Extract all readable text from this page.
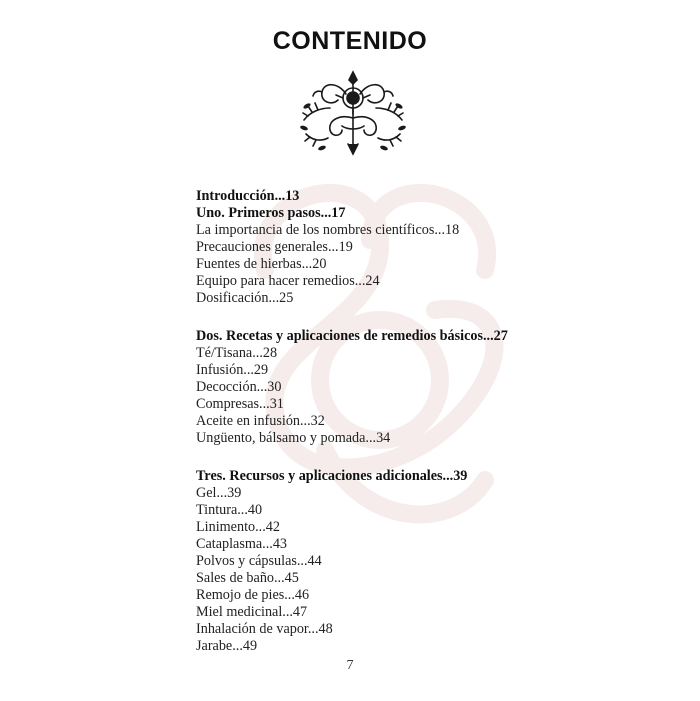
CONTENIDO
Introducción...13
Uno. Primeros pasos...17
La importancia de los nombres científicos...18
Precauciones generales...19
Fuentes de hierbas...20
Equipo para hacer remedios...24
Dosificación...25
Dos. Recetas y aplicaciones de remedios básicos...27
Té/Tisana...28
Infusión...29
Decocción...30
Compresas...31
Aceite en infusión...32
Ungüento, bálsamo y pomada...34
Tres. Recursos y aplicaciones adicionales...39
Gel...39
Tintura...40
Linimento...42
Cataplasma...43
Polvos y cápsulas...44
Sales de baño...45
Remojo de pies...46
Miel medicinal...47
Inhalación de vapor...48
Jarabe...49
7
